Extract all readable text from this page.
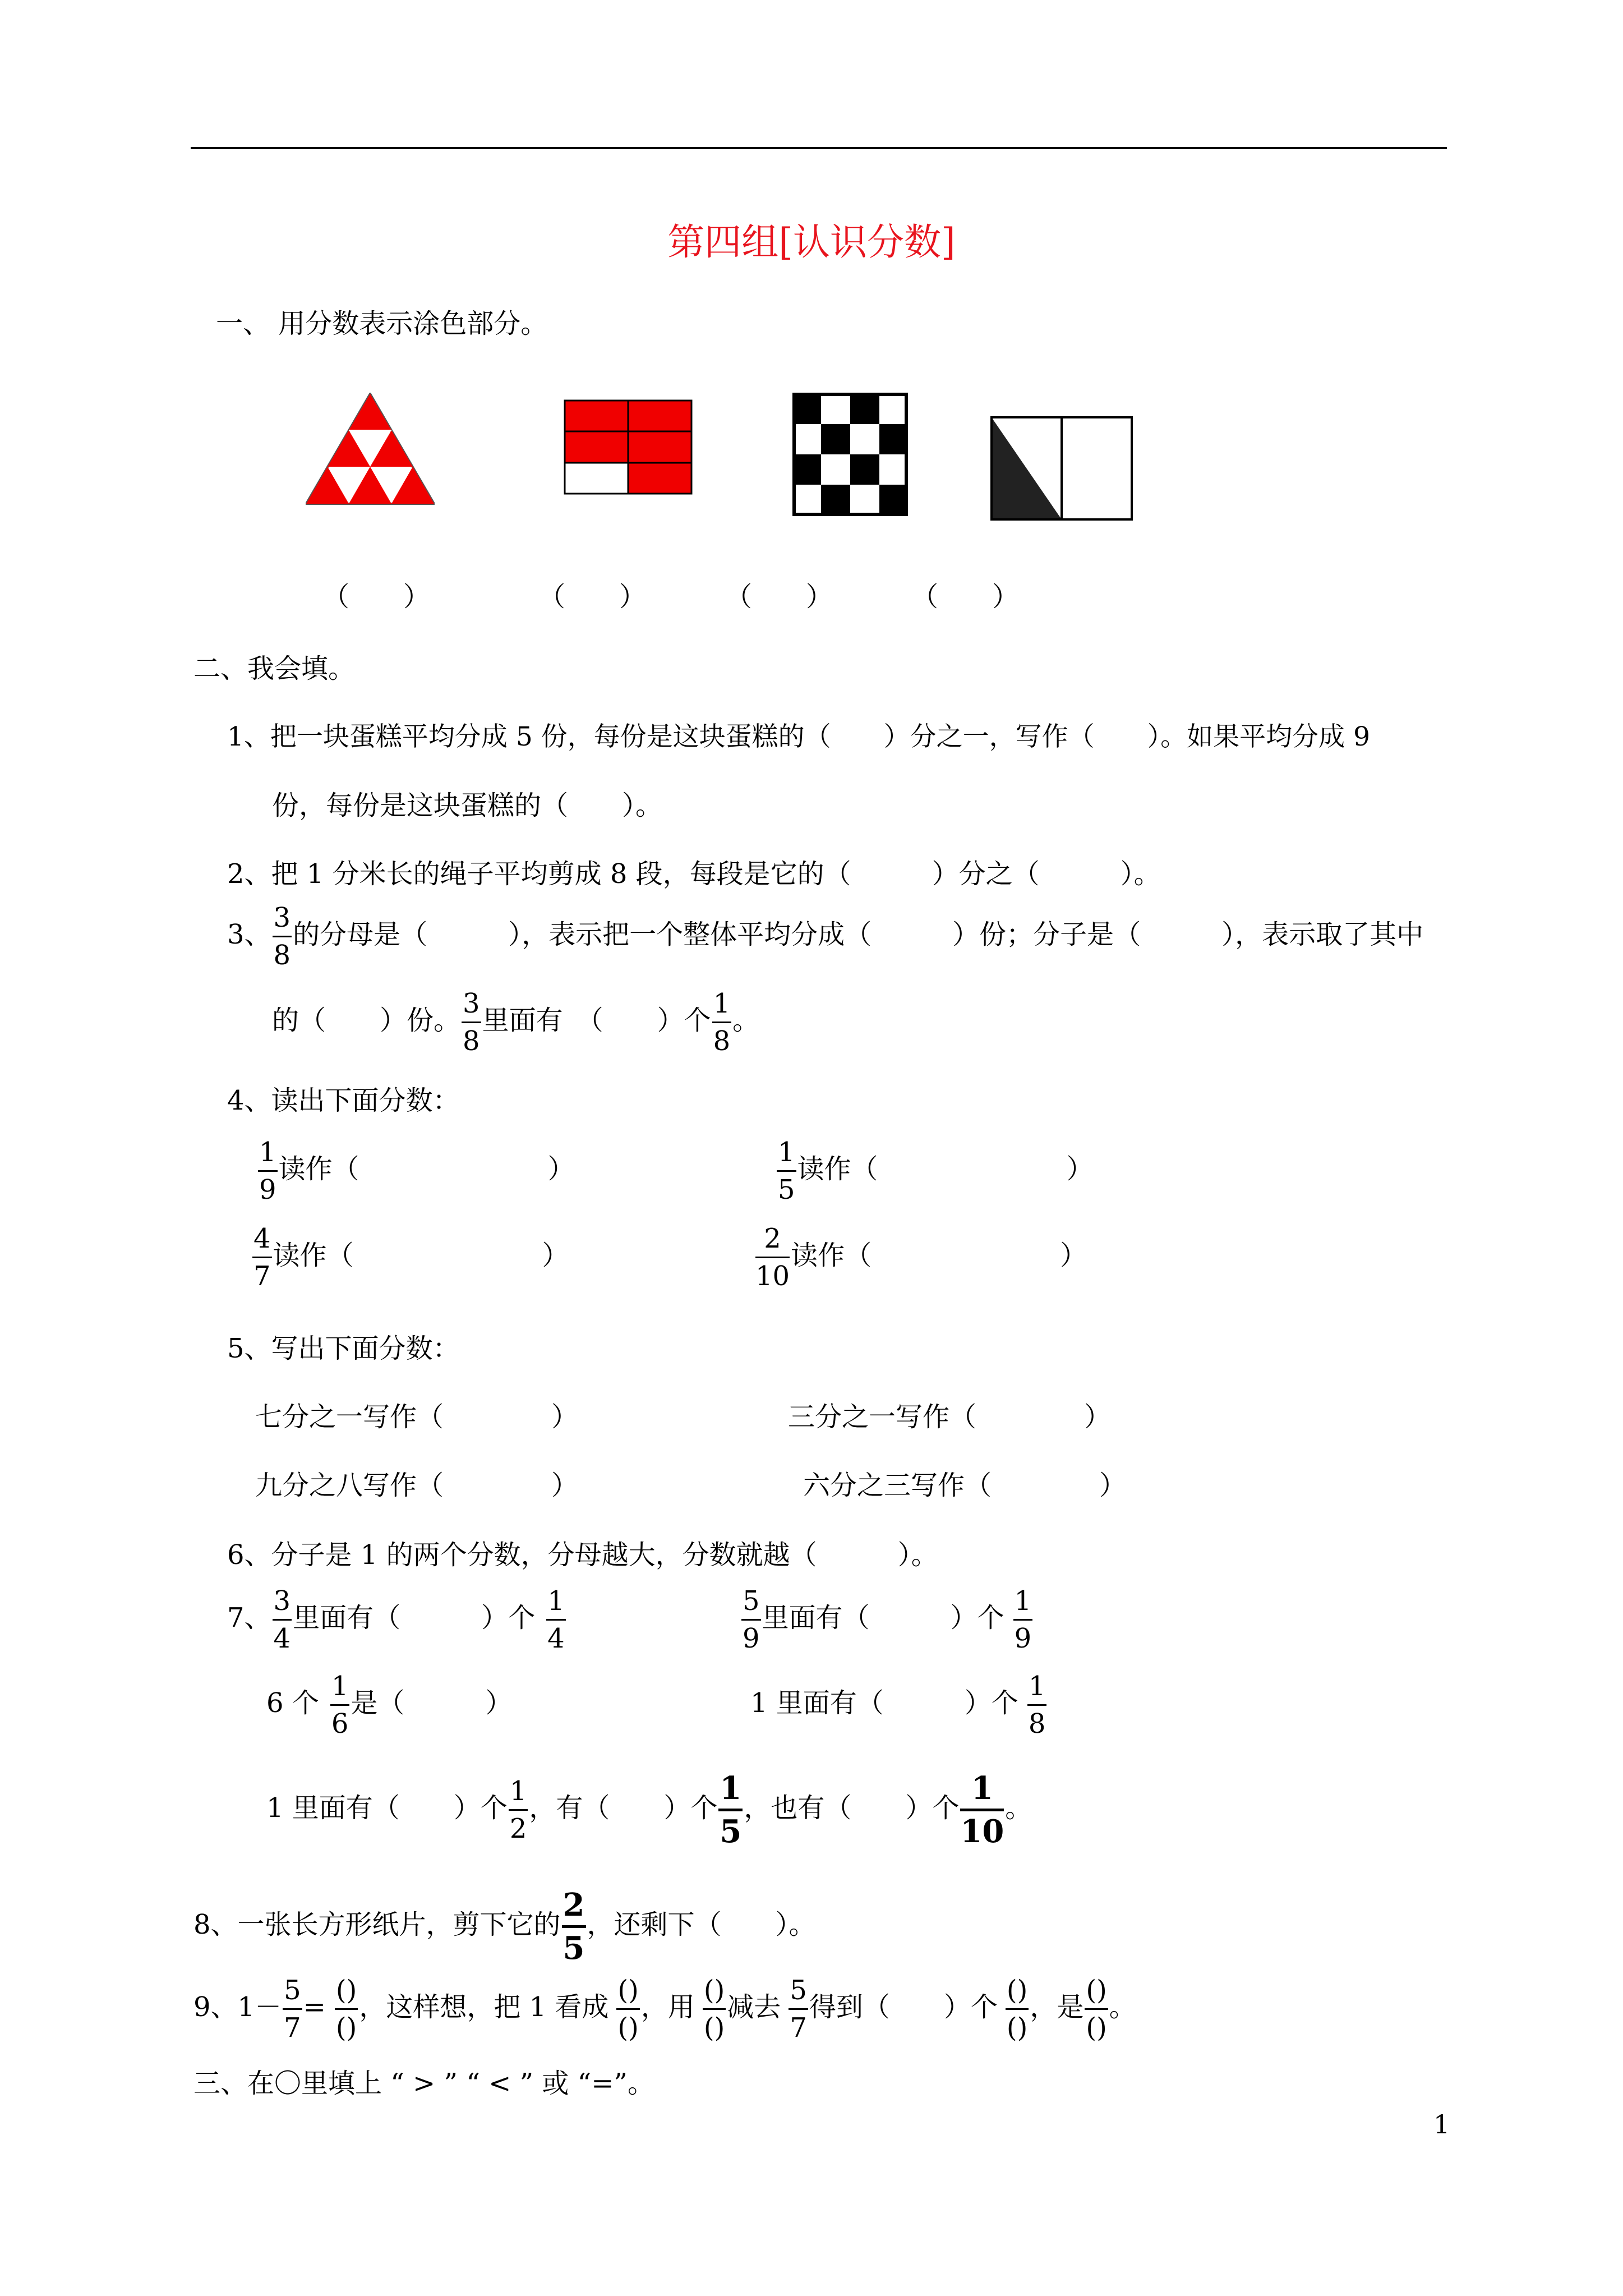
第四组[认识分数]
一、 用分数表示涂色部分。
（　　）	（　　）	（　　）	（　　）
二、我会填。
1、把一块蛋糕平均分成 5 份，每份是这块蛋糕的（　　）分之一，写作（　　）。如果平均分成 9
份，每份是这块蛋糕的（　　）。
2、把 1 分米长的绳子平均剪成 8 段，每段是它的（　　　）分之（　　　）。
3、 $\frac{3}{8}$ 的分母是（　　　），表示把一个整体平均分成（　　　）份；分子是（　　　），表示取了其中
的（　　）份。 $\frac{3}{8}$ 里面有　（　　）个 $\frac{1}{8}$ 。
4、读出下面分数：
$\frac{1}{9}$ 读作（　　　　　　　）	$\frac{1}{5}$ 读作（　　　　　　　）
$\frac{4}{7}$ 读作（　　　　　　　）	$\frac{2}{10}$ 读作（　　　　　　　）
5、写出下面分数：
七分之一写作（　　　　）	三分之一写作（　　　　）
九分之八写作（　　　　）	六分之三写作（　　　　）
6、分子是 1 的两个分数，分母越大，分数就越（　　　）。
7、 $\frac{3}{4}$ 里面有（　　　）个 $\frac{1}{4}$	$\frac{5}{9}$ 里面有（　　　）个 $\frac{1}{9}$
6 个 $\frac{1}{6}$ 是（　　　）	1 里面有（　　　）个 $\frac{1}{8}$
1 里面有（　　）个 $\frac{1}{2}$ ，有（　　）个 $\frac{1}{5}$ ，也有（　　）个 $\frac{1}{10}$ 。
8、一张长方形纸片，剪下它的 $\frac{2}{5}$ ，还剩下（　　）。
9、$1- \frac{5}{7}$ =
()
()
，这样想，把 1 看成
()
()
，用
()
()
减去 $\frac{5}{7}$ 得到（　　）个
()
()
，是
()
()
。
三、在〇里填上 “ > ” “ < ” 或 “=”。
1
